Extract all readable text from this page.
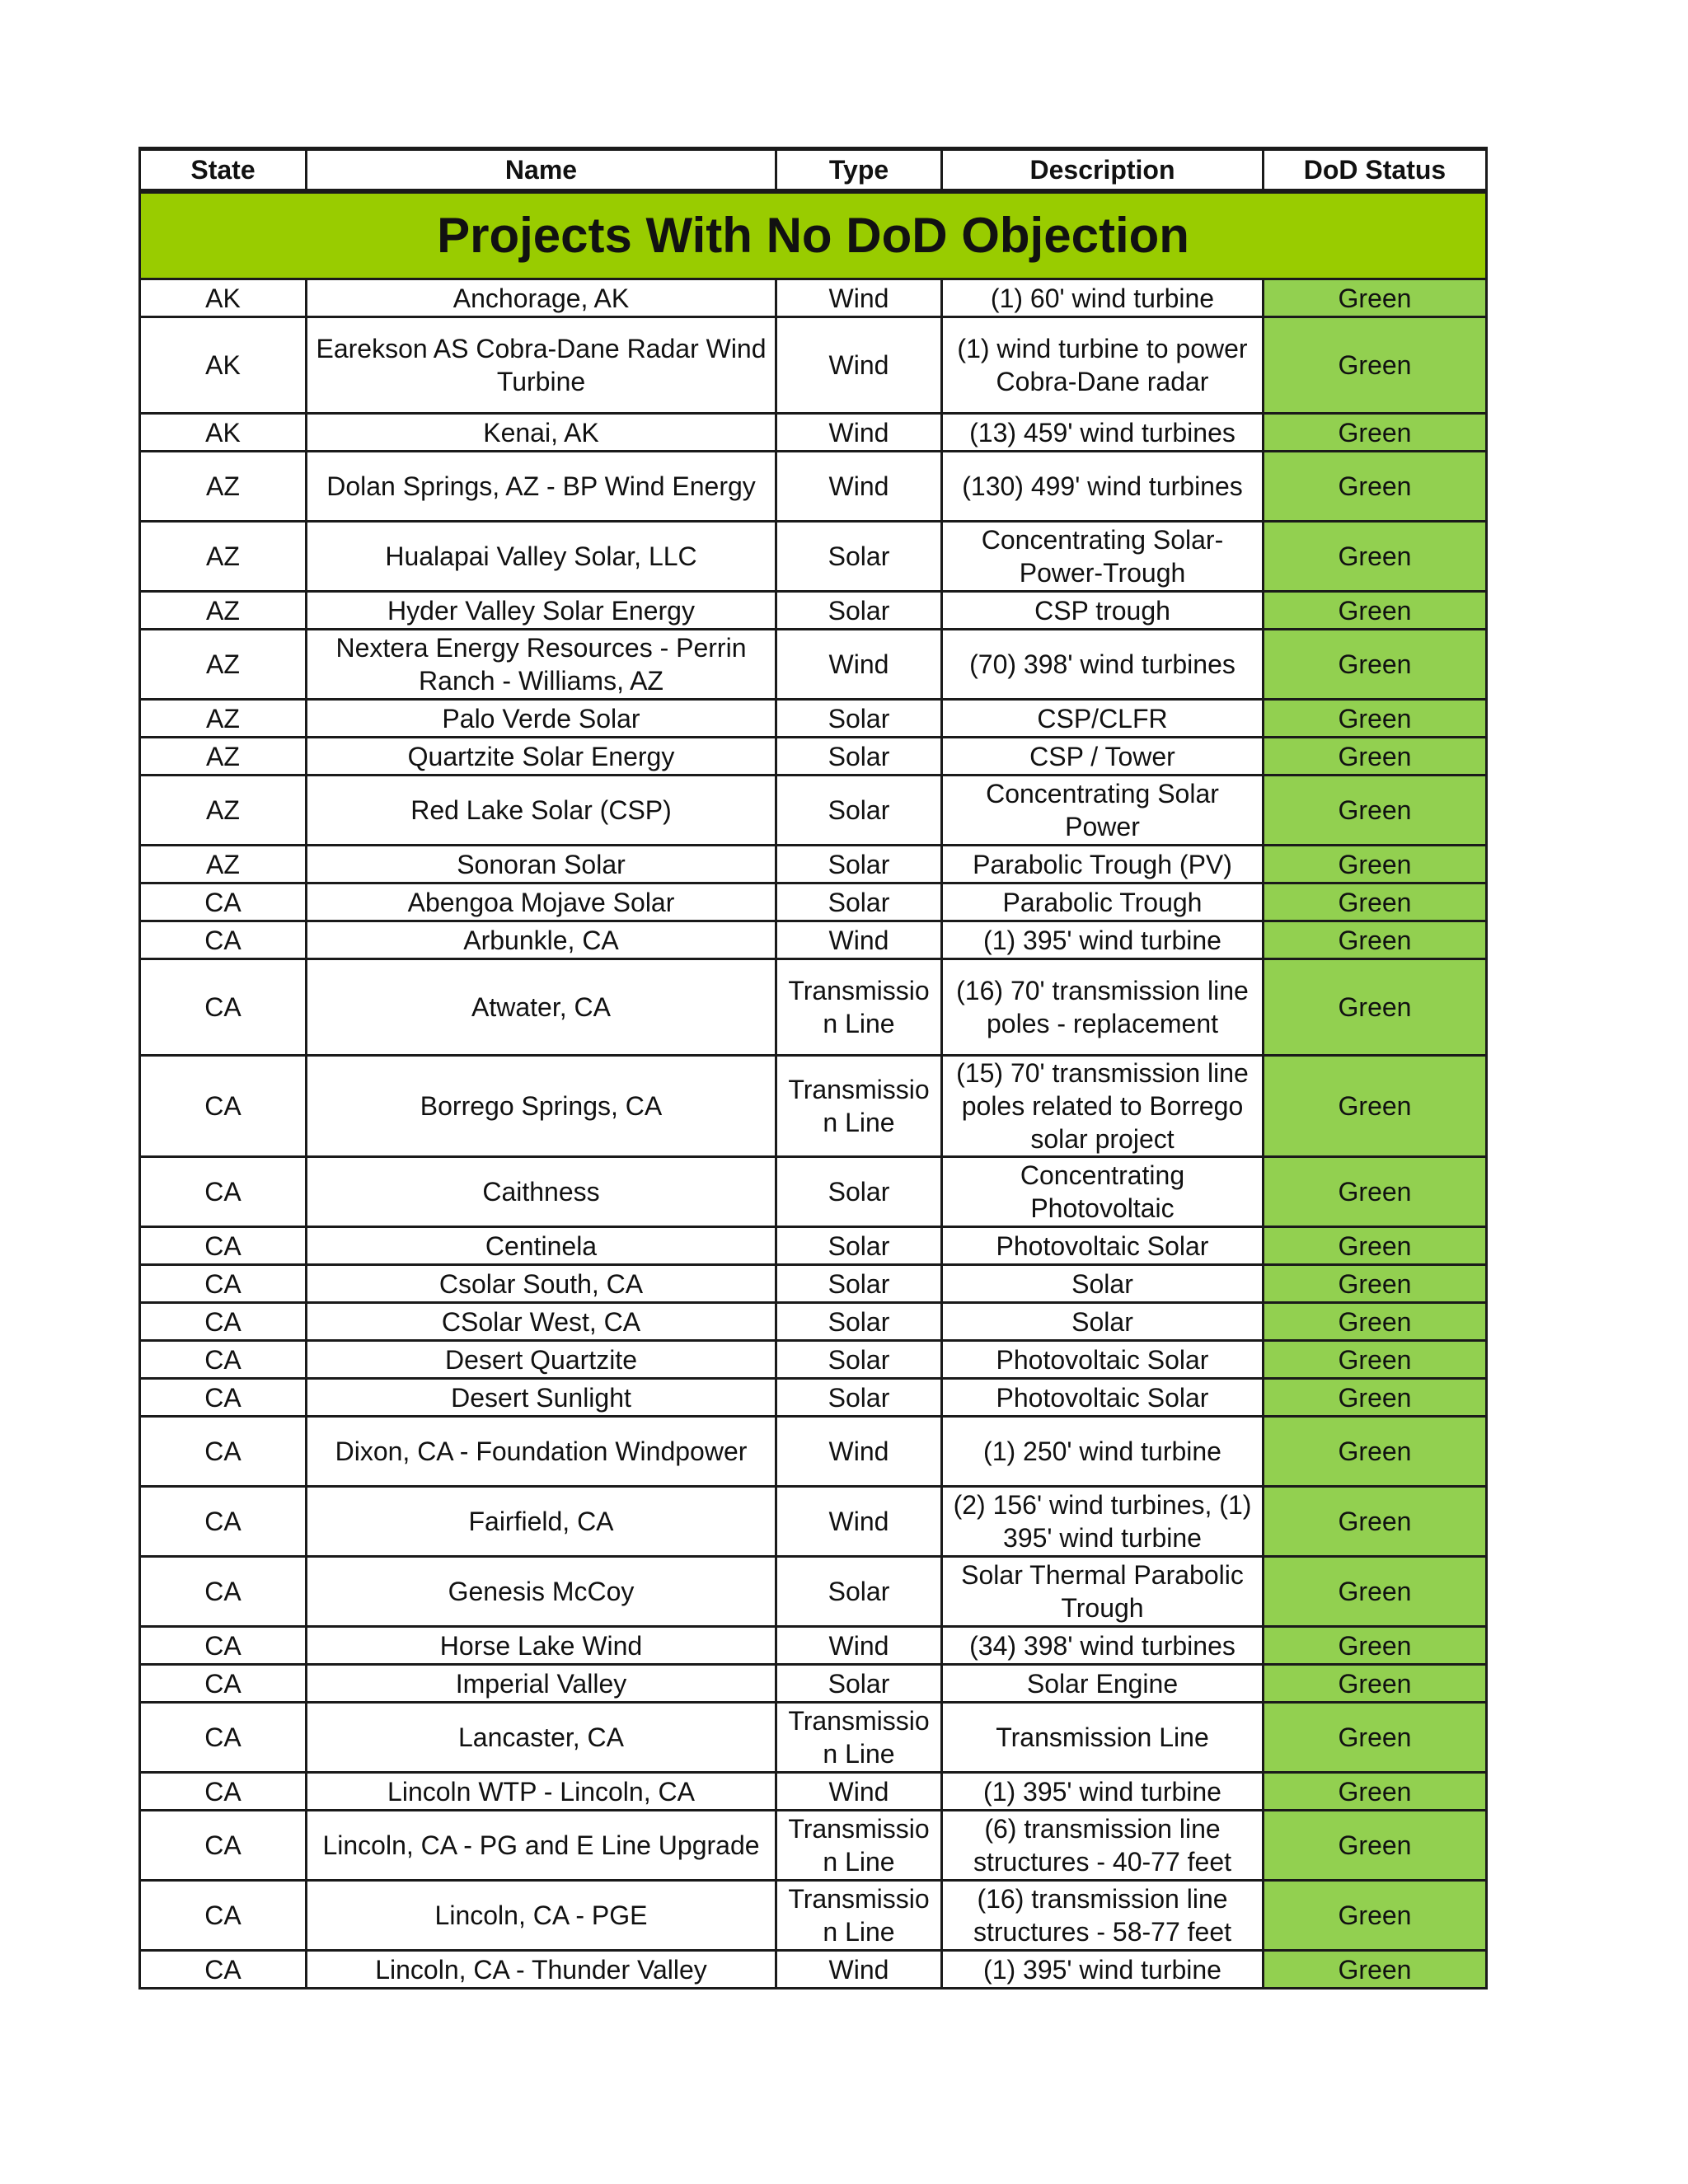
State	Name	Type	Description	DoD Status
Projects With No DoD Objection				
AK	Anchorage, AK	Wind	(1) 60' wind turbine	Green
AK	Earekson AS Cobra-Dane Radar Wind Turbine	Wind	(1) wind turbine to power Cobra-Dane radar	Green
AK	Kenai, AK	Wind	(13) 459' wind turbines	Green
AZ	Dolan Springs, AZ - BP Wind Energy	Wind	(130) 499' wind turbines	Green
AZ	Hualapai Valley Solar, LLC	Solar	Concentrating Solar-Power-Trough	Green
AZ	Hyder Valley Solar Energy	Solar	CSP trough	Green
AZ	Nextera Energy Resources - Perrin Ranch - Williams, AZ	Wind	(70) 398' wind turbines	Green
AZ	Palo Verde Solar	Solar	CSP/CLFR	Green
AZ	Quartzite Solar Energy	Solar	CSP / Tower	Green
AZ	Red Lake Solar (CSP)	Solar	Concentrating Solar Power	Green
AZ	Sonoran Solar	Solar	Parabolic Trough (PV)	Green
CA	Abengoa Mojave Solar	Solar	Parabolic Trough	Green
CA	Arbunkle, CA	Wind	(1) 395' wind turbine	Green
CA	Atwater, CA	Transmissio n Line	(16) 70' transmission line poles - replacement	Green
CA	Borrego Springs, CA	Transmissio n Line	(15) 70' transmission line poles related to Borrego solar project	Green
CA	Caithness	Solar	Concentrating Photovoltaic	Green
CA	Centinela	Solar	Photovoltaic Solar	Green
CA	Csolar South, CA	Solar	Solar	Green
CA	CSolar West, CA	Solar	Solar	Green
CA	Desert Quartzite	Solar	Photovoltaic Solar	Green
CA	Desert Sunlight	Solar	Photovoltaic Solar	Green
CA	Dixon, CA - Foundation Windpower	Wind	(1) 250' wind turbine	Green
CA	Fairfield, CA	Wind	(2) 156' wind turbines, (1) 395' wind turbine	Green
CA	Genesis McCoy	Solar	Solar Thermal Parabolic Trough	Green
CA	Horse Lake Wind	Wind	(34) 398' wind turbines	Green
CA	Imperial Valley	Solar	Solar Engine	Green
CA	Lancaster, CA	Transmissio n Line	Transmission Line	Green
CA	Lincoln WTP - Lincoln, CA	Wind	(1) 395' wind turbine	Green
CA	Lincoln, CA - PG and E Line Upgrade	Transmissio n Line	(6) transmission line structures - 40-77 feet	Green
CA	Lincoln, CA - PGE	Transmissio n Line	(16) transmission line structures - 58-77 feet	Green
CA	Lincoln, CA - Thunder Valley	Wind	(1) 395' wind turbine	Green
